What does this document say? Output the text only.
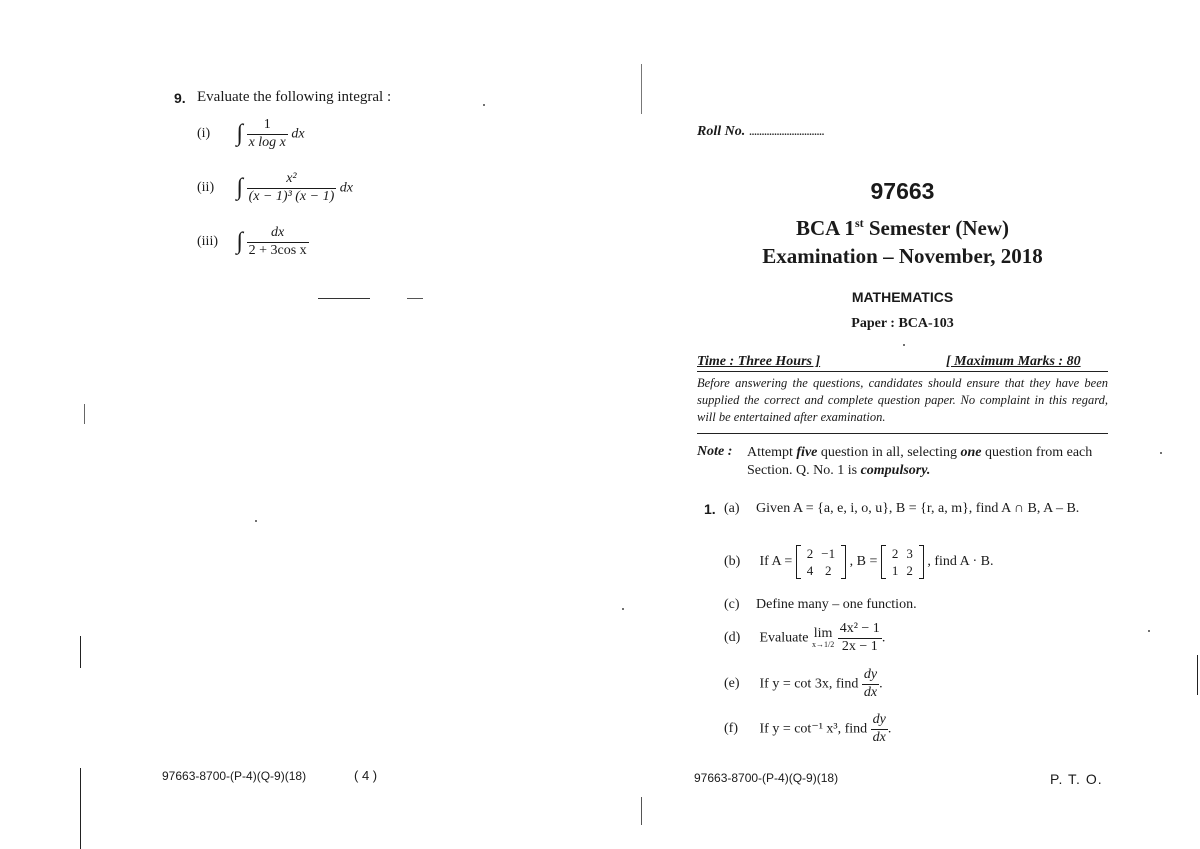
9. Evaluate the following integral :
(i) ∫ $\frac{1}{\text{x log x}}$ dx
(ii) ∫ $\frac{\text{x²}}{\text{(x − 1)³ (x − 1)}}$ dx
(iii) ∫ $\frac{dx}{\text{2 + 3cos x}}$
97663-8700-(P-4)(Q-9)(18)	( 4 )
Roll No. ..............................
97663
BCA 1st Semester (New)
Examination – November, 2018
MATHEMATICS
Paper : BCA-103
Time : Three Hours ]	[ Maximum Marks : 80
Before answering the questions, candidates should ensure that they have been supplied the correct and complete question paper. No complaint in this regard, will be entertained after examination.
Note : Attempt five question in all, selecting one question from each Section. Q. No. 1 is compulsory.
1. (a) Given A = {a, e, i, o, u}, B = {r, a, m}, find A ∩ B, A – B.
(b) If A =
2	−1
4	2
, B =
2	3
1	2
, find A · B.
(c) Define many – one function.
(d) Evaluate lim
x→1/2
$\frac{\text{4x² − 1}}{2x - 1}$ .
(e) If y = cot 3x, find $\frac{dy}{dx}$ .
(f) If y = cot⁻¹ x³, find $\frac{dy}{dx}$ .
97663-8700-(P-4)(Q-9)(18)	P. T. O.
